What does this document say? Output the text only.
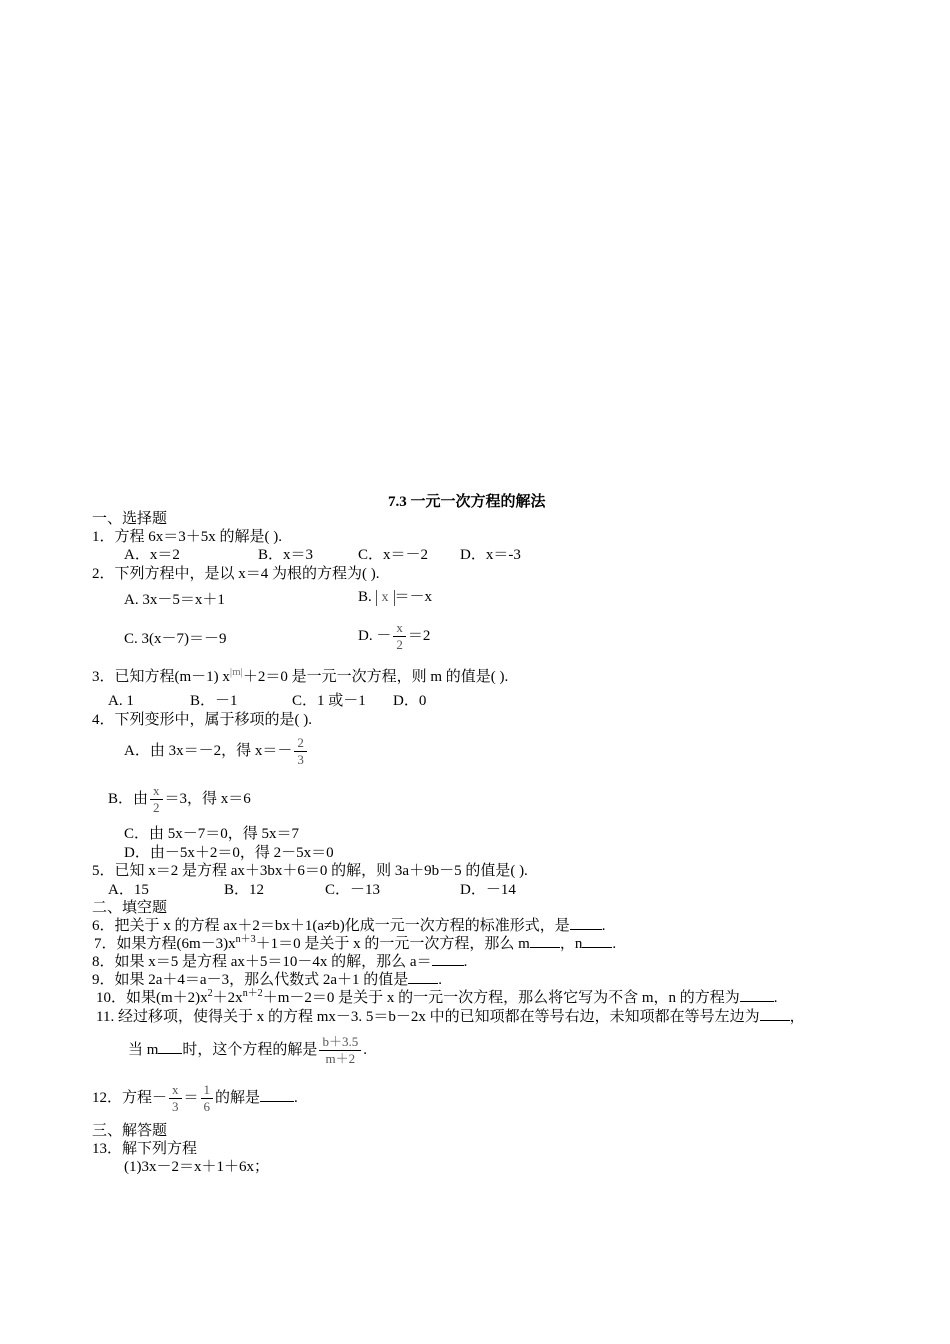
7.3 一元一次方程的解法
一、选择题
1．方程 6x＝3＋5x 的解是( ).
A．x＝2	B．x＝3	C．x＝－2 D．x＝-3
2．下列方程中，是以 x＝4 为根的方程为( ).
A. 3x－5＝x＋1	B. x ＝－x
C. 3(x－7)＝－9	D. － $\frac{x}{2} =2$
3．已知方程(m－1) $x^{|m|}+2=0$ 是一元一次方程，则 m 的值是( ).
A. 1	B．－1	C．1 或－1 D．0
4．下列变形中，属于移项的是( ).
A．由 3x＝－2，得 $x=- \frac{2}{3}$
B．由 $\frac{x}{2} =3$，得 x＝6
C．由 5x－7＝0，得 5x＝7
D．由－5x＋2＝0，得 2－5x＝0
5．已知 x＝2 是方程 ax＋3bx＋6＝0 的解，则 3a＋9b－5 的值是( ).
A．15	B．12	C．－13	D．－14
二、填空题
6．把关于 x 的方程 ax＋2＝bx＋1(a≠b)化成一元一次方程的标准形式，是 .
7．如果方程$(6m-3)x^{n+3}+1=0$ 是关于 x 的一元一次方程，那么 m ，n .
8．如果 x＝5 是方程 ax＋5＝10－4x 的解，那么 a＝ .
9．如果 2a＋4＝a－3，那么代数式 2a＋1 的值是 .
10．如果$(m+2)x^2+2x^{n+2}+m-2=0$ 是关于 x 的一元一次方程，那么将它写为不含 m，n 的方程为 .
11. 经过移项，使得关于 x 的方程 mx－3. 5＝b－2x 中的已知项都在等号右边，未知项都在等号左边为 ，
当 m 时，这个方程的解是 $\frac{b+3.5}{m+2}$ .
12．方程－ $\frac{x}{3} = \frac{1}{6}$ 的解是 .
三、解答题
13．解下列方程
(1)3x－2＝x＋1＋6x；
